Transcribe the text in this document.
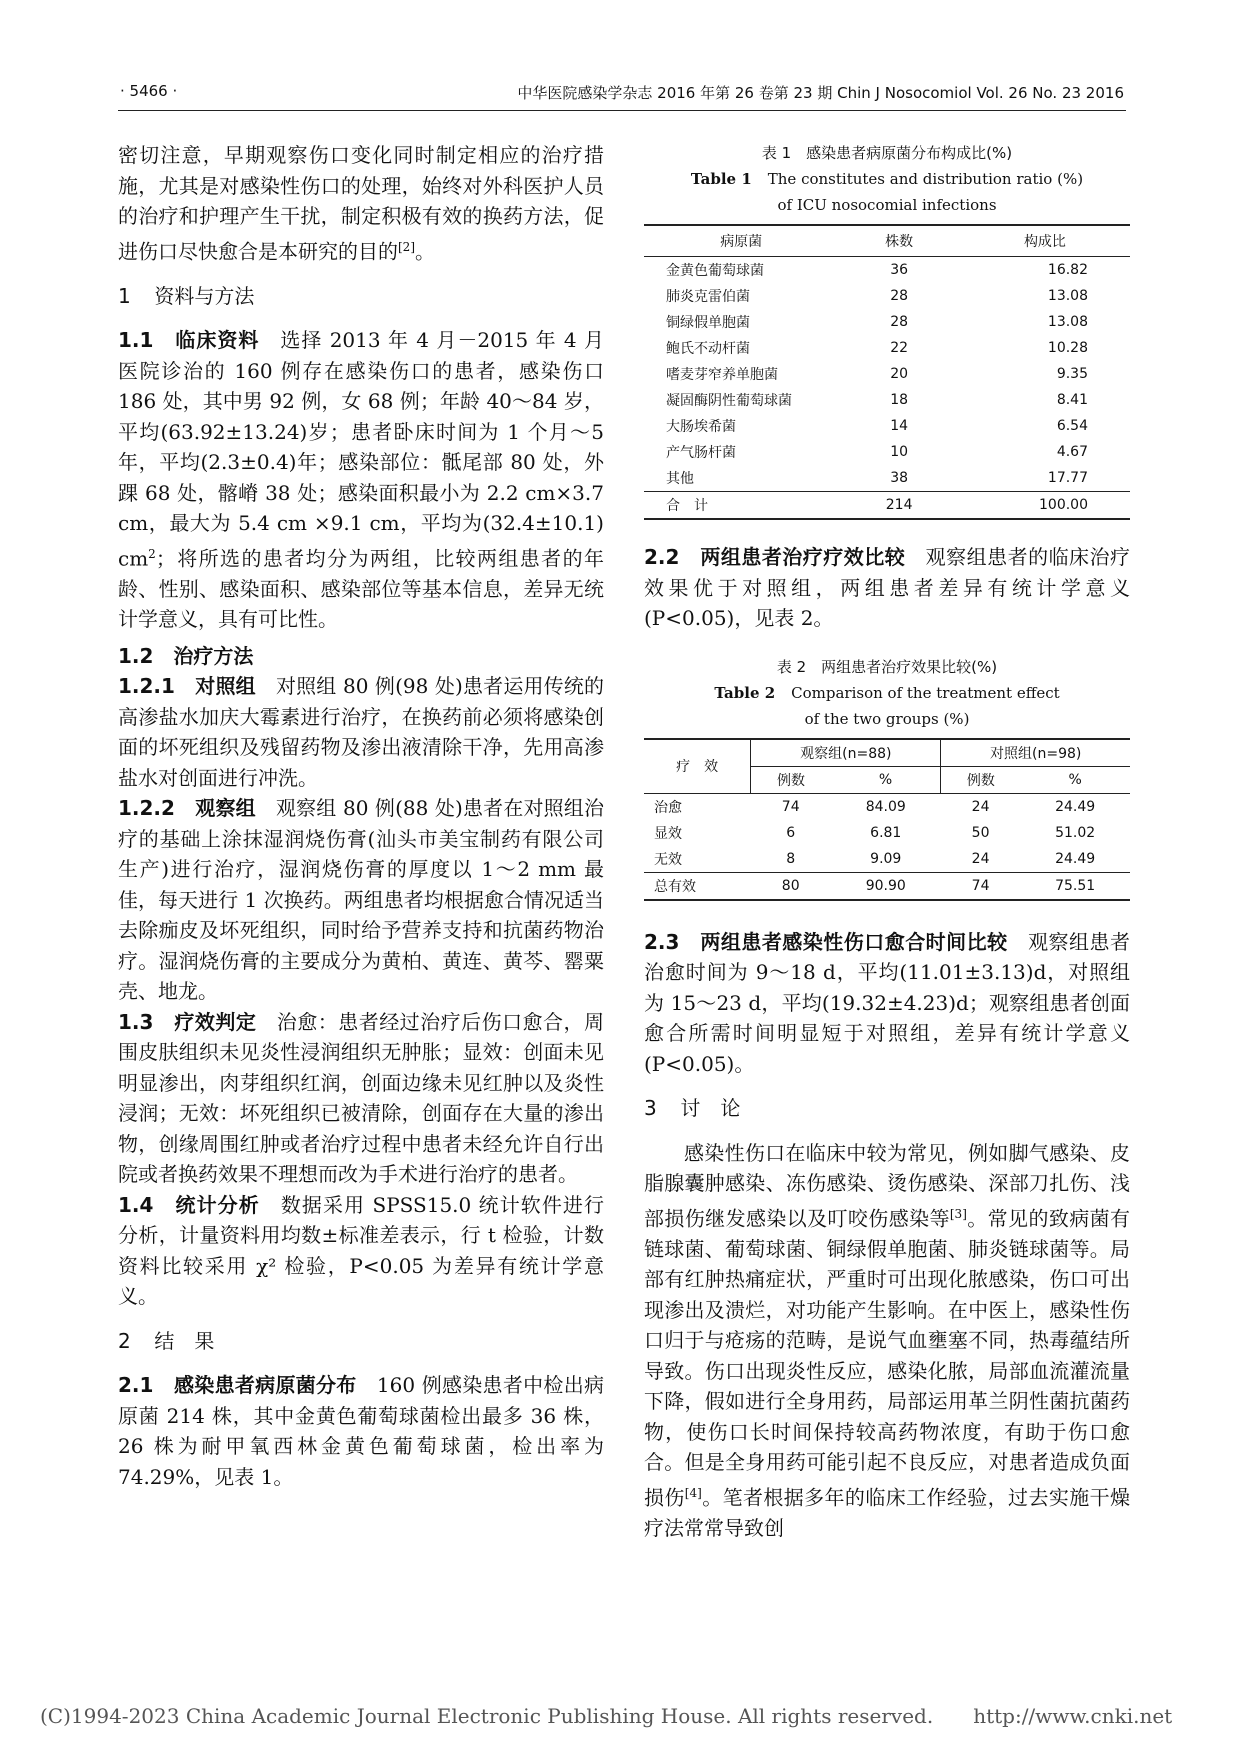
· 5466 ·	中华医院感染学杂志 2016 年第 26 卷第 23 期 Chin J Nosocomiol Vol. 26 No. 23 2016

密切注意，早期观察伤口变化同时制定相应的治疗措施，尤其是对感染性伤口的处理，始终对外科医护人员的治疗和护理产生干扰，制定积极有效的换药方法，促进伤口尽快愈合是本研究的目的[2]。

1 资料与方法

1.1　临床资料　选择 2013 年 4 月－2015 年 4 月医院诊治的 160 例存在感染伤口的患者，感染伤口 186 处，其中男 92 例，女 68 例；年龄 40～84 岁，平均(63.92±13.24)岁；患者卧床时间为 1 个月～5 年，平均(2.3±0.4)年；感染部位：骶尾部 80 处，外踝 68 处，髂嵴 38 处；感染面积最小为 2.2 cm×3.7 cm，最大为 5.4 cm ×9.1 cm，平均为(32.4±10.1) $cm^2$；将所选的患者均分为两组，比较两组患者的年龄、性别、感染面积、感染部位等基本信息，差异无统计学意义，具有可比性。

1.2　治疗方法

1.2.1　对照组　对照组 80 例(98 处)患者运用传统的高渗盐水加庆大霉素进行治疗，在换药前必须将感染创面的坏死组织及残留药物及渗出液清除干净，先用高渗盐水对创面进行冲洗。

1.2.2　观察组　观察组 80 例(88 处)患者在对照组治疗的基础上涂抹湿润烧伤膏(汕头市美宝制药有限公司生产)进行治疗，湿润烧伤膏的厚度以 1～2 mm 最佳，每天进行 1 次换药。两组患者均根据愈合情况适当去除痂皮及坏死组织，同时给予营养支持和抗菌药物治疗。湿润烧伤膏的主要成分为黄柏、黄连、黄芩、罂粟壳、地龙。

1.3　疗效判定　治愈：患者经过治疗后伤口愈合，周围皮肤组织未见炎性浸润组织无肿胀；显效：创面未见明显渗出，肉芽组织红润，创面边缘未见红肿以及炎性浸润；无效：坏死组织已被清除，创面存在大量的渗出物，创缘周围红肿或者治疗过程中患者未经允许自行出院或者换药效果不理想而改为手术进行治疗的患者。

1.4　统计分析　数据采用 SPSS15.0 统计软件进行分析，计量资料用均数±标准差表示，行 t 检验，计数资料比较采用 χ² 检验，P<0.05 为差异有统计学意义。

2 结　果

2.1　感染患者病原菌分布　160 例感染患者中检出病原菌 214 株，其中金黄色葡萄球菌检出最多 36 株，26 株为耐甲氧西林金黄色葡萄球菌，检出率为 74.29%，见表 1。

表 1　感染患者病原菌分布构成比(%)
Table 1 The constitutes and distribution ratio (%)
of ICU nosocomial infections
病原菌	株数	构成比
金黄色葡萄球菌	36	16.82
肺炎克雷伯菌	28	13.08
铜绿假单胞菌	28	13.08
鲍氏不动杆菌	22	10.28
嗜麦芽窄养单胞菌	20	9.35
凝固酶阴性葡萄球菌	18	8.41
大肠埃希菌	14	6.54
产气肠杆菌	10	4.67
其他	38	17.77
合　计	214	100.00

2.2　两组患者治疗疗效比较　观察组患者的临床治疗效果优于对照组，两组患者差异有统计学意义(P<0.05)，见表 2。

表 2　两组患者治疗效果比较(%)
Table 2 Comparison of the treatment effect
of the two groups (%)
疗　效	观察组(n=88)		对照组(n=98)	
	例数	%	例数	%
治愈	74	84.09	24	24.49
显效	6	6.81	50	51.02
无效	8	9.09	24	24.49
总有效	80	90.90	74	75.51

2.3　两组患者感染性伤口愈合时间比较　观察组患者治愈时间为 9～18 d，平均(11.01±3.13)d，对照组为 15～23 d，平均(19.32±4.23)d；观察组患者创面愈合所需时间明显短于对照组，差异有统计学意义(P<0.05)。

3 讨　论

感染性伤口在临床中较为常见，例如脚气感染、皮脂腺囊肿感染、冻伤感染、烫伤感染、深部刀扎伤、浅部损伤继发感染以及叮咬伤感染等[3]。常见的致病菌有链球菌、葡萄球菌、铜绿假单胞菌、肺炎链球菌等。局部有红肿热痛症状，严重时可出现化脓感染，伤口可出现渗出及溃烂，对功能产生影响。在中医上，感染性伤口归于与疮疡的范畴，是说气血壅塞不同，热毒蕴结所导致。伤口出现炎性反应，感染化脓，局部血流灌流量下降，假如进行全身用药，局部运用革兰阴性菌抗菌药物，使伤口长时间保持较高药物浓度，有助于伤口愈合。但是全身用药可能引起不良反应，对患者造成负面损伤[4]。笔者根据多年的临床工作经验，过去实施干燥疗法常常导致创

(C)1994-2023 China Academic Journal Electronic Publishing House. All rights reserved.　　http://www.cnki.net
